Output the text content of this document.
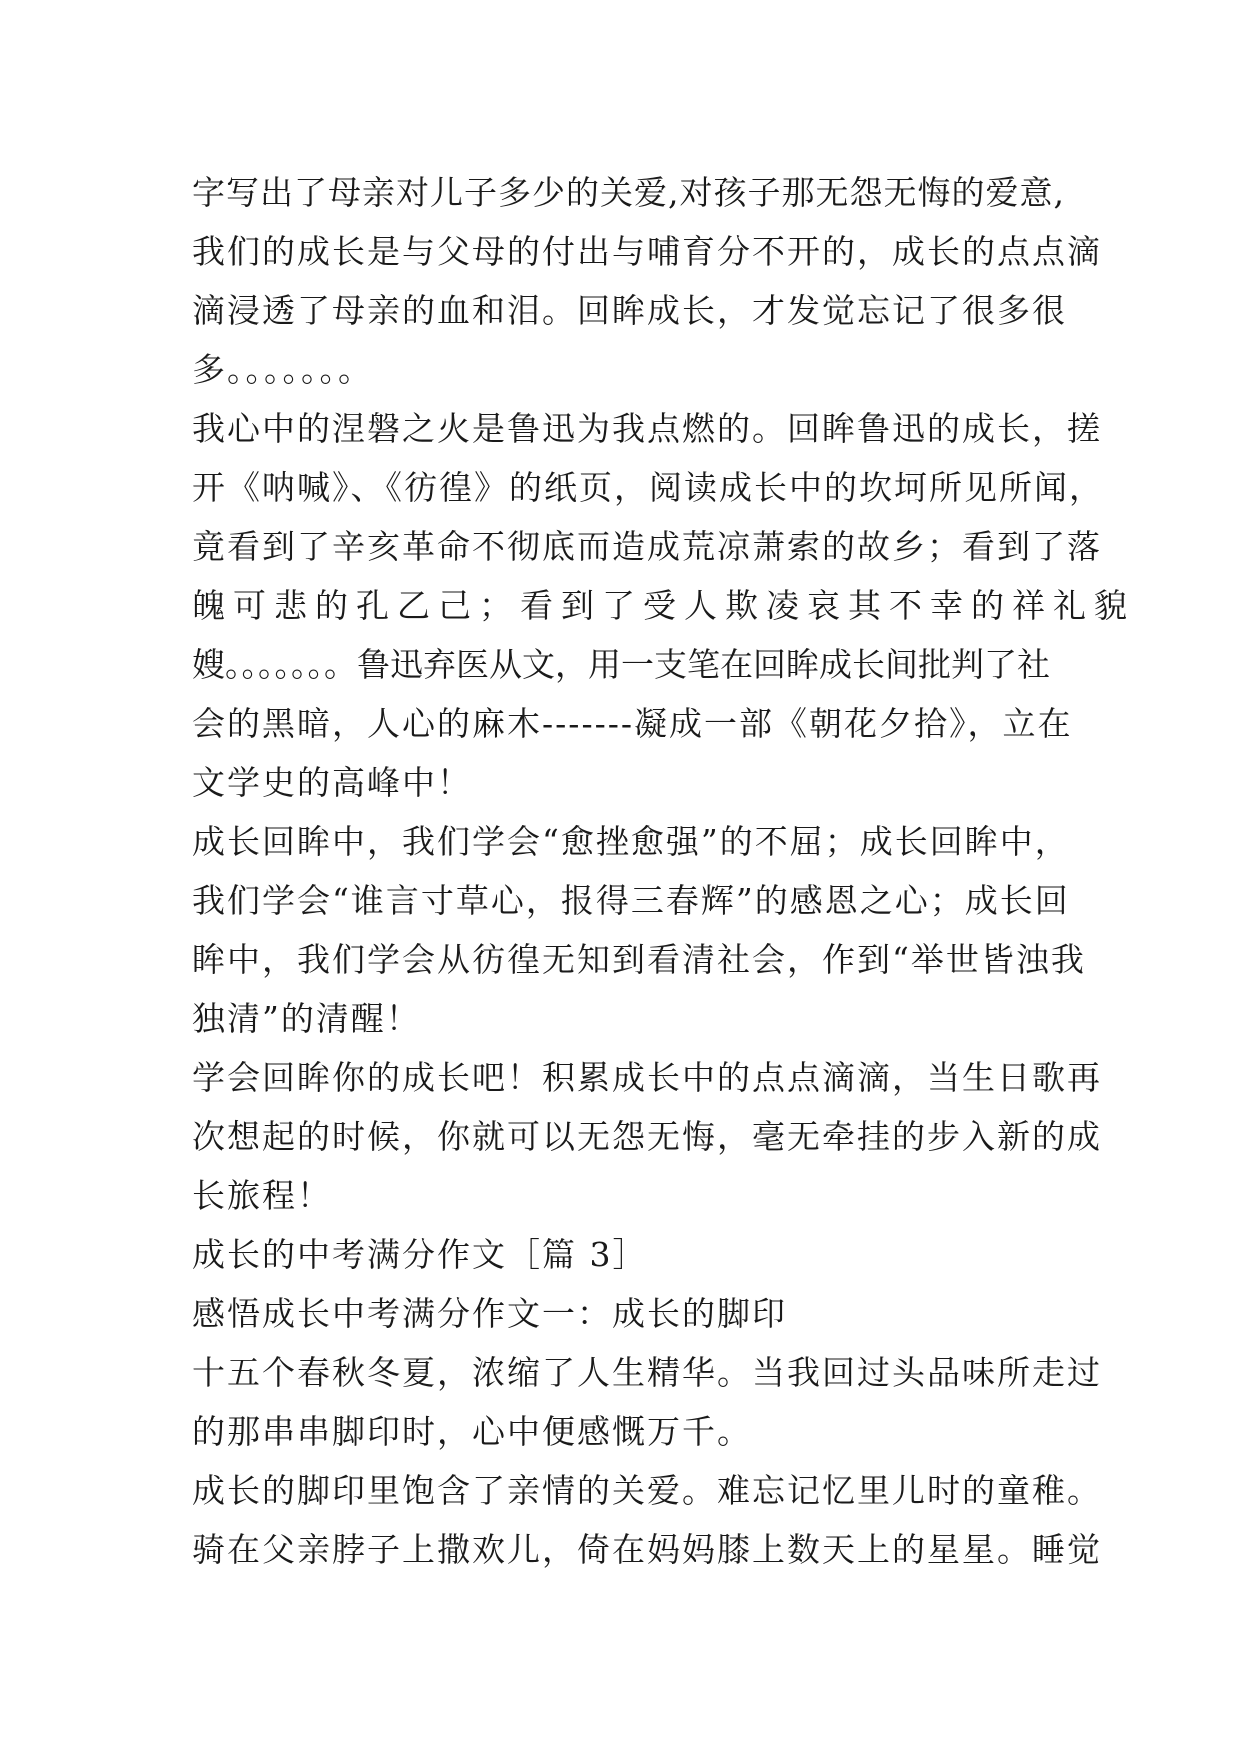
字写出了母亲对儿子多少的关爱,对孩子那无怨无悔的爱意,

我们的成长是与父母的付出与哺育分不开的，成长的点点滴

滴浸透了母亲的血和泪。回眸成长，才发觉忘记了很多很

多。。。。。。。

我心中的涅磐之火是鲁迅为我点燃的。回眸鲁迅的成长，搓

开《呐喊》、《彷徨》的纸页，阅读成长中的坎坷所见所闻，

竟看到了辛亥革命不彻底而造成荒凉萧索的故乡；看到了落

魄可悲的孔乙己；看到了受人欺凌哀其不幸的祥礼貌

嫂。。。。。。。鲁迅弃医从文，用一支笔在回眸成长间批判了社

会的黑暗，人心的麻木-------凝成一部《朝花夕拾》，立在

文学史的高峰中！

成长回眸中，我们学会“愈挫愈强”的不屈；成长回眸中，

我们学会“谁言寸草心，报得三春辉”的感恩之心；成长回

眸中，我们学会从彷徨无知到看清社会，作到“举世皆浊我

独清”的清醒！

学会回眸你的成长吧！积累成长中的点点滴滴，当生日歌再

次想起的时候，你就可以无怨无悔，毫无牵挂的步入新的成

长旅程！

成长的中考满分作文［篇 3］

感悟成长中考满分作文一：成长的脚印

十五个春秋冬夏，浓缩了人生精华。当我回过头品味所走过

的那串串脚印时，心中便感慨万千。

成长的脚印里饱含了亲情的关爱。难忘记忆里儿时的童稚。

骑在父亲脖子上撒欢儿，倚在妈妈膝上数天上的星星。睡觉
